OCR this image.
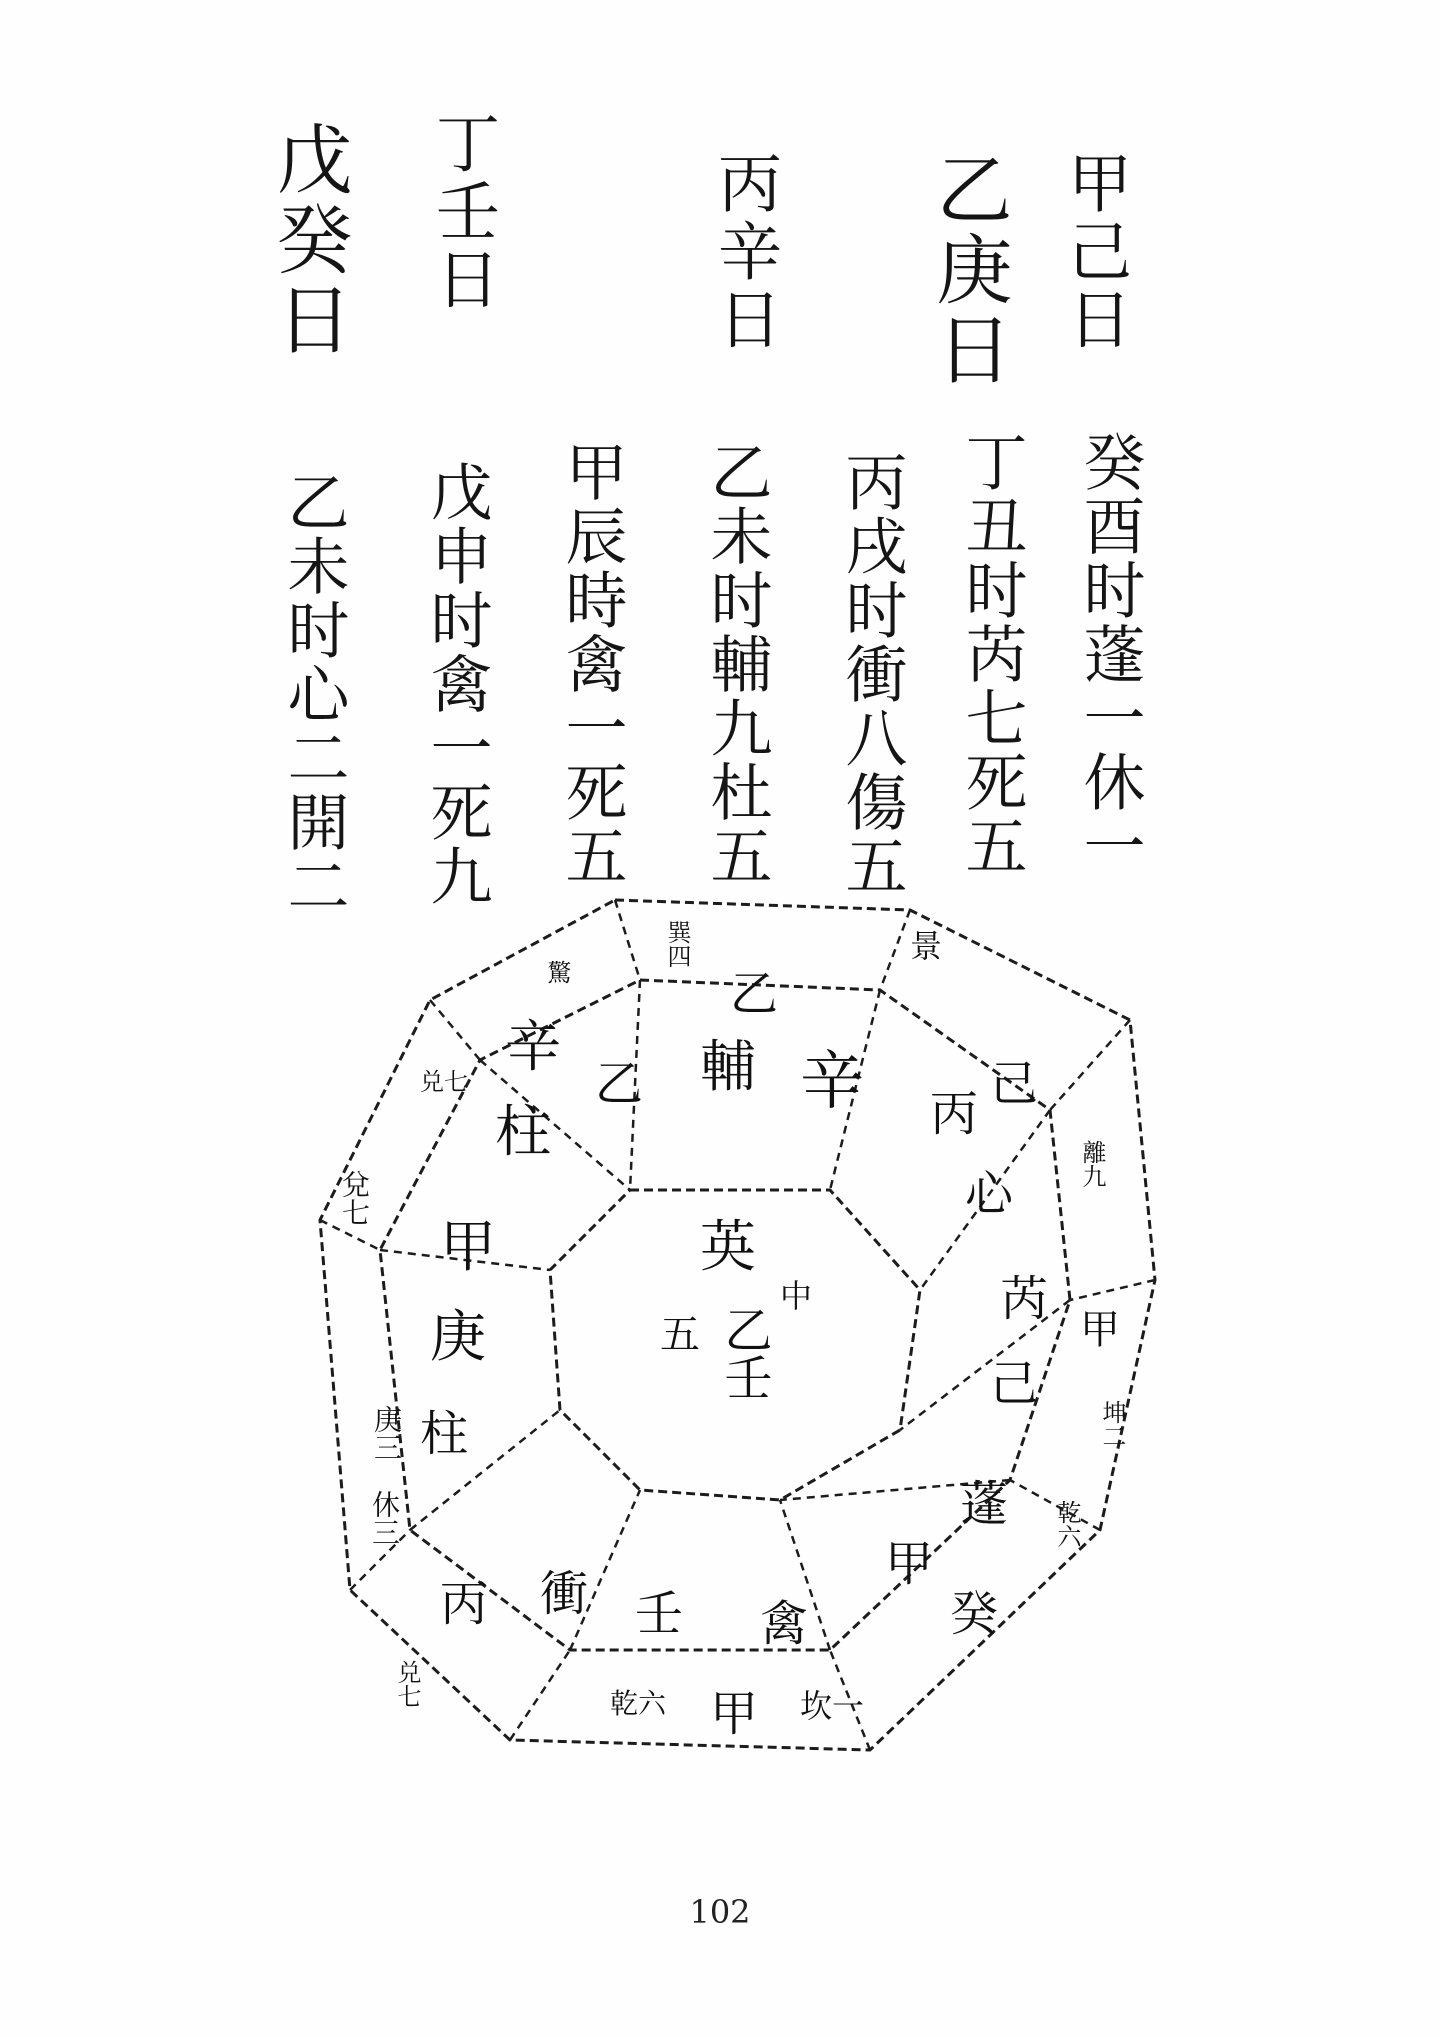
甲己日
乙庚日
丙辛日
丁壬日
戊癸日
癸酉时蓬一休一
丁丑时芮七死五
丙戌时衝八傷五
乙未时輔九杜五
甲辰時禽一死五
戊申时禽一死九
乙未时心二開二
英
五 乙壬
中
辛
輔
乙
巽四	景
辛
乙
柱
兑七
驚
甲
庚
柱
庚三
兌七
休三
丙 衝
兑七
壬 禽
甲 坎一
乾六
甲
癸
蓬 乾六
己
芮
甲
坤二
己
丙
離九
心
102
